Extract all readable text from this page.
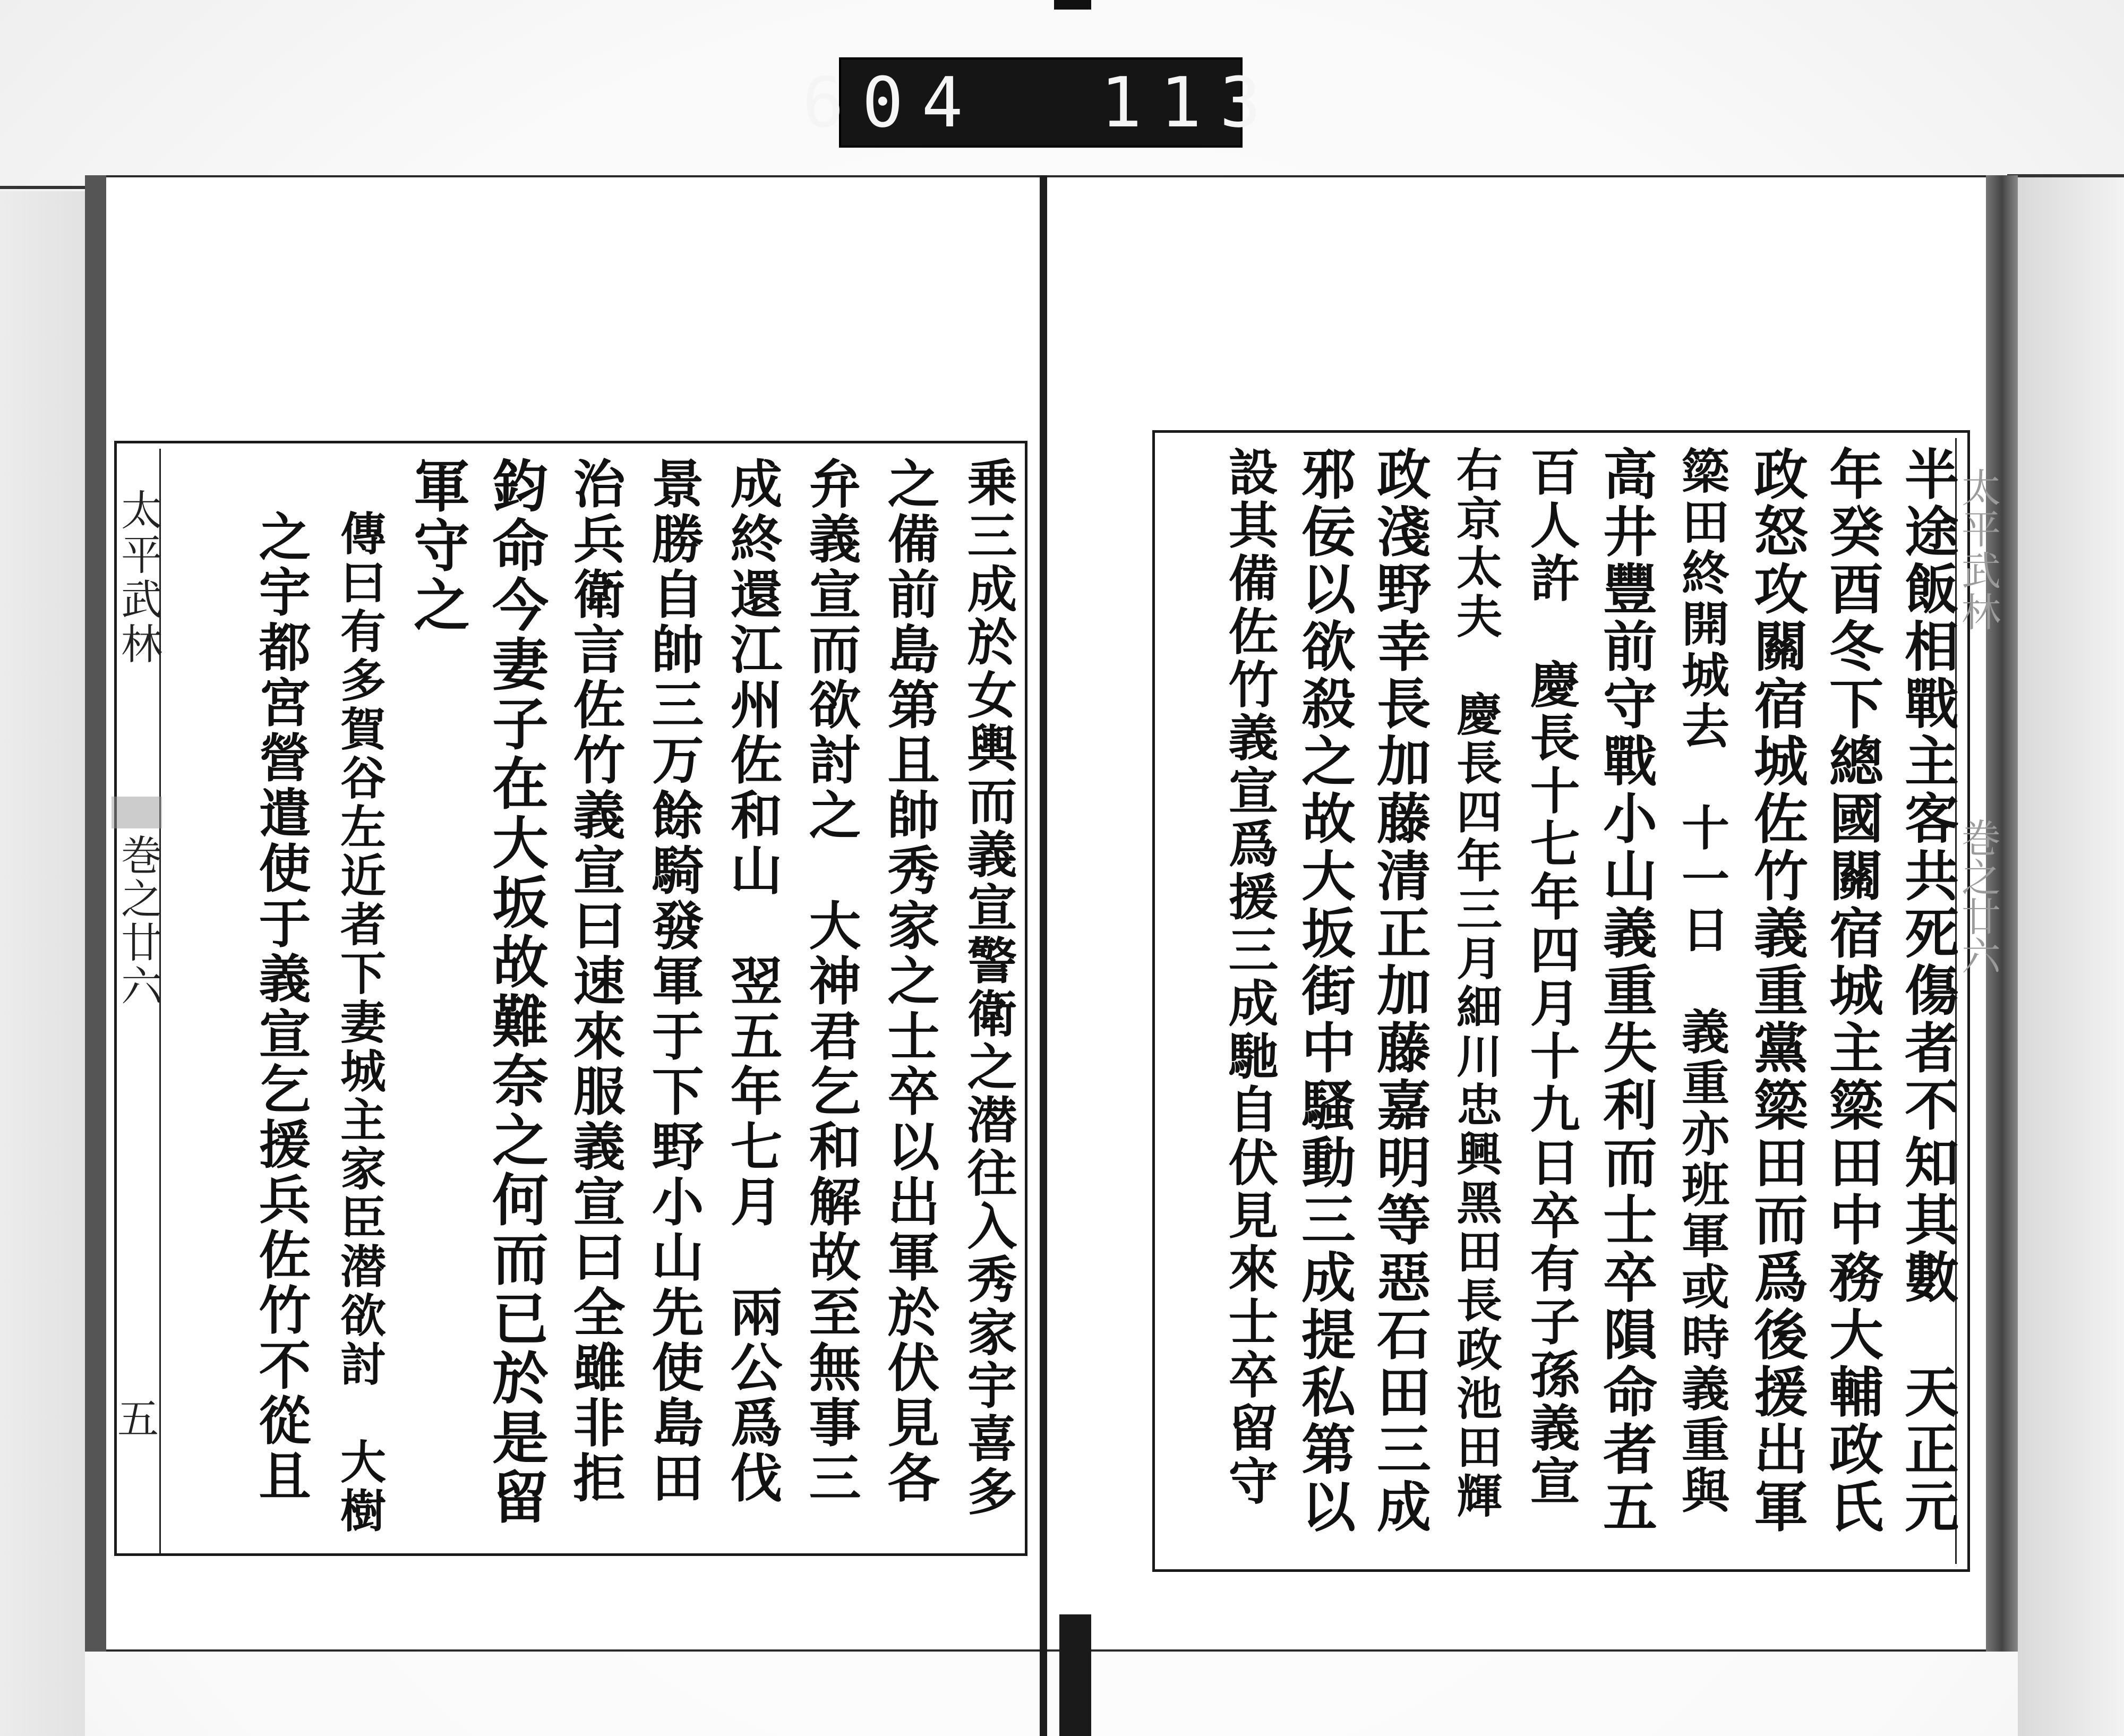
604  113
太平武林
巻之廿六
五
太平武林
巻之廿六
乗三成於女輿而義宣警衛之潜往入秀家宇喜多
之備前島第且帥秀家之士卒以出軍於伏見各
弁義宣而欲討之　大神君乞和解故至無事三
成終還江州佐和山　翌五年七月　兩公爲伐
景勝自帥三万餘騎發軍于下野小山先使島田
治兵衛言佐竹義宣曰速來服義宣曰全雖非拒
鈞命今妻子在大坂故難奈之何而已於是留
軍守之
傳曰有多賀谷左近者下妻城主家臣潜欲討　大樹
之宇都宮營遣使于義宣乞援兵佐竹不從且	半途飯相戰主客共死傷者不知其數　天正元
年癸酉冬下總國關宿城主簗田中務大輔政氏
政怒攻關宿城佐竹義重黨簗田而爲後援出軍
簗田終開城去　十一日　義重亦班軍或時義重與
高井豐前守戰小山義重失利而士卒隕命者五
百人許　慶長十七年四月十九日卒有子孫義宣
右京太夫　慶長四年三月細川忠興黑田長政池田輝
政淺野幸長加藤清正加藤嘉明等惡石田三成
邪佞以欲殺之故大坂街中騷動三成提私第以
設其備佐竹義宣爲援三成馳自伏見來士卒留守
